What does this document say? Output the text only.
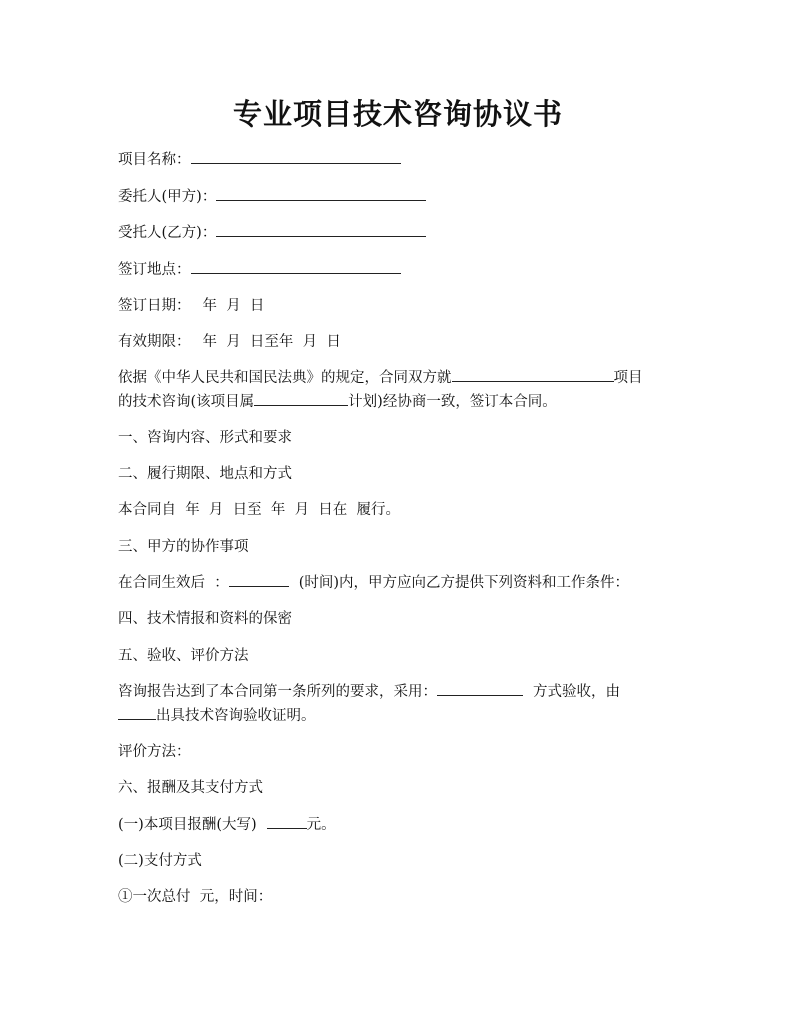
专业项目技术咨询协议书
项目名称：
委托人(甲方)：
受托人(乙方)：
签订地点：
签订日期： 年  月  日
有效期限： 年  月  日至年  月  日
依据《中华人民共和国民法典》的规定，合同双方就	项目
的技术咨询(该项目属	计划)经协商一致，签订本合同。
一、咨询内容、形式和要求
二、履行期限、地点和方式
本合同自  年  月  日至  年  月  日在  履行。
三、甲方的协作事项
在合同生效后  ：	(时间)内，甲方应向乙方提供下列资料和工作条件：
四、技术情报和资料的保密
五、验收、评价方法
咨询报告达到了本合同第一条所列的要求，采用：	方式验收，由
出具技术咨询验收证明。
评价方法：
六、报酬及其支付方式
(一)本项目报酬(大写)	元。
(二)支付方式
①一次总付  元，时间：
